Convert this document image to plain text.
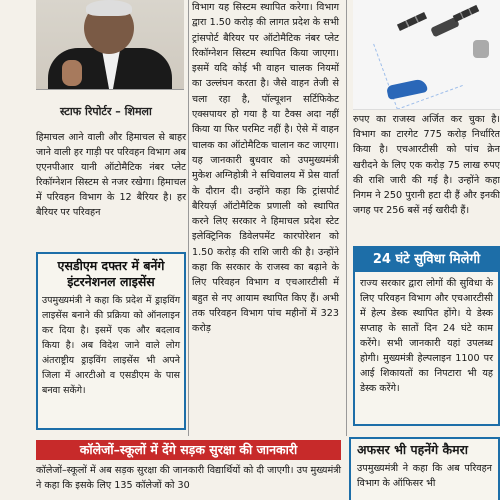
स्टाफ रिपोर्टर – शिमला
हिमाचल आने वाली और हिमाचल से बाहर जाने वाली हर गाड़ी पर परिवहन विभाग अब एएनपीआर यानी ऑटोमैटिक नंबर प्लेट रिकॉग्नेशन सिस्टम से नजर रखेगा। हिमाचल में परिवहन विभाग के 12 बैरियर है। हर बैरियर पर परिवहन
एसडीएम दफ्तर में बनेंगे इंटरनेशनल लाइसेंस

उपमुख्यमंत्री ने कहा कि प्रदेश में ड्राइविंग लाइसेंस बनाने की प्रक्रिया को ऑनलाइन कर दिया है। इसमें एक और बदलाव किया है। अब विदेश जाने वाले लोग अंतराष्ट्रीय ड्राइविंग लाइसेंस भी अपने जिला में आरटीओ व एसडीएम के पास बनवा सकेंगे।

विभाग यह सिस्टम स्थापित करेगा। विभाग द्वारा 1.50 करोड़ की लागत प्रदेश के सभी ट्रांसपोर्ट बैरियर पर ऑटोमैटिक नंबर प्लेट रिकॉग्नेशन सिस्टम स्थापित किया जाएगा। इसमें यदि कोई भी वाहन चालक नियमों का उल्लंघन करता है। जैसे वाहन तेजी से चला रहा है, पॉल्यूशन सर्टिफिकेट एक्सपायर हो गया है या टैक्स अदा नहीं किया या फिर परमिट नहीं है। ऐसे में वाहन चालक का ऑटोमैटिक चालान कट जाएगा। यह जानकारी बुधवार को उपमुख्यमंत्री मुकेश अग्निहोत्री ने सचिवालय में प्रेस वार्ता के दौरान दी। उन्होंने कहा कि ट्रांसपोर्ट बैरियर्ज़ ऑटोमैटिक प्रणाली को स्थापित करने लिए सरकार ने हिमाचल प्रदेश स्टेट इलेक्ट्रिनिक डिवेलपमेंट कारपोरेशन को 1.50 करोड़ की राशि जारी की है। उन्होंने कहा कि सरकार के राजस्व का बढ़ाने के लिए परिवहन विभाग व एचआरटीसी में बहुत से नए आयाम स्थापित किए हैं। अभी तक परिवहन विभाग पांच महीनों में 323 करोड़
रुपए का राजस्व अर्जित कर चुका है। विभाग का टारगेट 775 करोड़ निर्धारित किया है। एचआरटीसी को पांच क्रेन खरीदने के लिए एक करोड़ 75 लाख रुपए की राशि जारी की गई है। उन्होंने कहा निगम ने 250 पुरानी हटा दी हैं और इनकी जगह पर 256 बसें नई खरीदी हैं।
24 घंटे सुविधा मिलेगी

राज्य सरकार द्वारा लोगों की सुविधा के लिए परिवहन विभाग और एचआरटीसी में हेल्प डेस्क स्थापित होंगे। ये डेस्क सप्ताह के सातों दिन 24 घंटे काम करेंगे। सभी जानकारी यहां उपलब्ध होगी। मुख्यमंत्री हेल्पलाइन 1100 पर आई शिकायतों का निपटारा भी यह डेस्क करेंगे।

कॉलेजों–स्कूलों में देंगे सड़क सुरक्षा की जानकारी
कॉलेजों–स्कूलों में अब सड़क सुरक्षा की जानकारी विद्यार्थियों को दी जाएगी। उप मुख्यमंत्री ने कहा कि इसके लिए 135 कॉलेजों को 30
अफसर भी पहनेंगे कैमरा

उपमुख्यमंत्री ने कहा कि अब परिवहन विभाग के ऑफिसर भी
